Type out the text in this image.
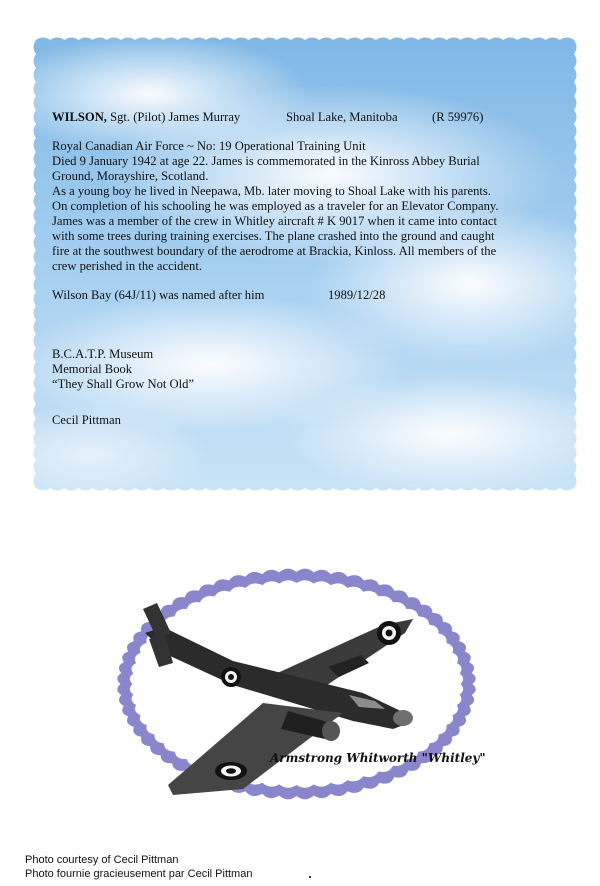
WILSON, Sgt. (Pilot) James Murray	Shoal Lake, Manitoba	(R 59976)

Royal Canadian Air Force ~ No: 19 Operational Training Unit

Died 9 January 1942 at age 22. James is commemorated in the Kinross Abbey Burial

Ground, Morayshire, Scotland.

As a young boy he lived in Neepawa, Mb. later moving to Shoal Lake with his parents.

On completion of his schooling he was employed as a traveler for an Elevator Company.

James was a member of the crew in Whitley aircraft # K 9017 when it came into contact

with some trees during training exercises. The plane crashed into the ground and caught

fire at the southwest boundary of the aerodrome at Brackia, Kinloss. All members of the

crew perished in the accident.

Wilson Bay (64J/11) was named after him	1989/12/28

B.C.A.T.P. Museum

Memorial Book

“They Shall Grow Not Old”

Cecil Pittman
Armstrong Whitworth "Whitley"

Photo courtesy of Cecil Pittman

Photo fournie gracieusement par Cecil Pittman
